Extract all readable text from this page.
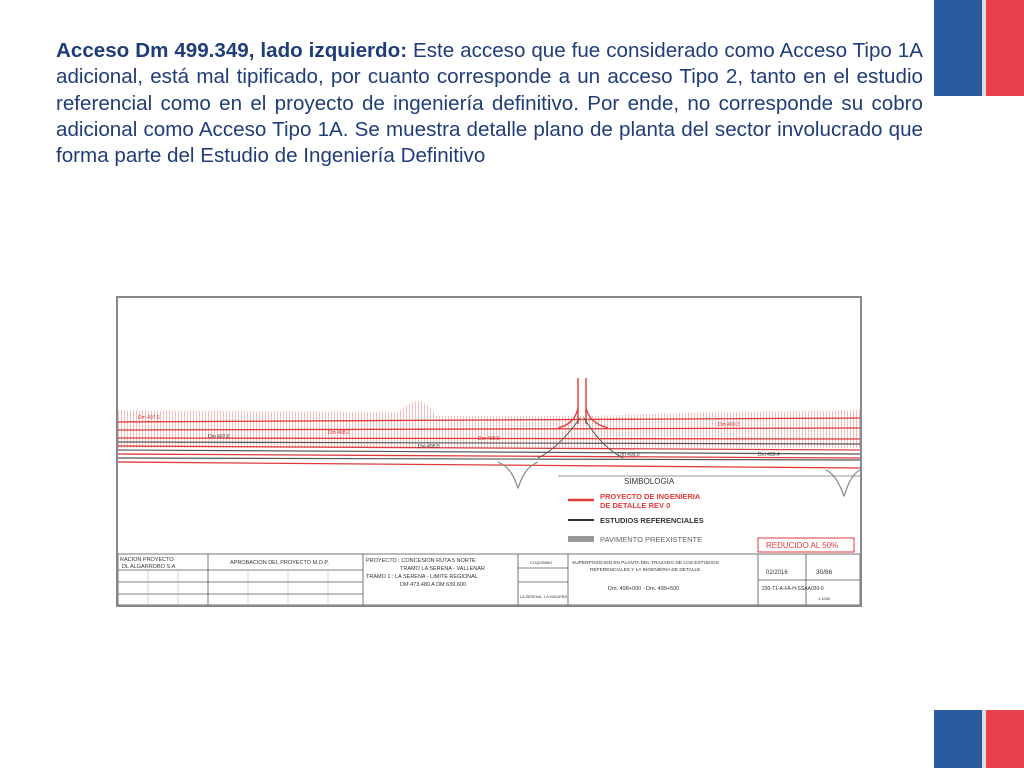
Acceso Dm 499.349, lado izquierdo: Este acceso que fue considerado como Acceso Tipo 1A adicional, está mal tipificado, por cuanto corresponde a un acceso Tipo 2, tanto en el estudio referencial como en el proyecto de ingeniería definitivo. Por ende, no corresponde su cobro adicional como Acceso Tipo 1A. Se muestra detalle plano de planta del sector involucrado que forma parte del Estudio de Ingeniería Definitivo
Dm 497.6
Dm 498.2
Dm 498.8
Dm 499.3
Dm 497.8
Dm 498.5
Dm 499.0	Dm 499.4
SIMBOLOGIA
PROYECTO DE INGENIERIA
DE DETALLE REV 0
ESTUDIOS REFERENCIALES
PAVIMENTO PREEXISTENTE
REDUCIDO AL 50%
RACION PROYECTO
DL ALGARROBO S.A
APROBACION DEL PROYECTO M.O.P.	PROYECTO : CONCESION RUTA 5 NORTE
TRAMO LA SERENA - VALLENAR
TRAMO 1 : LA SERENA - LIMITE REGIONAL
DM 473.480 A DM 639.600
COQUIMBO
LA SERENA - LA HIGUERA
SUPERPOSICION EN PLANTA DEL TRAZADO DE LOS ESTUDIOS
REFERENCIALES Y LA INGENIERIA DE DETALLE
Dm. 498+000 - Dm. 499+500
02/2016	30/86
230-T1-A-FA-H-SSAA030-0
1:1000
